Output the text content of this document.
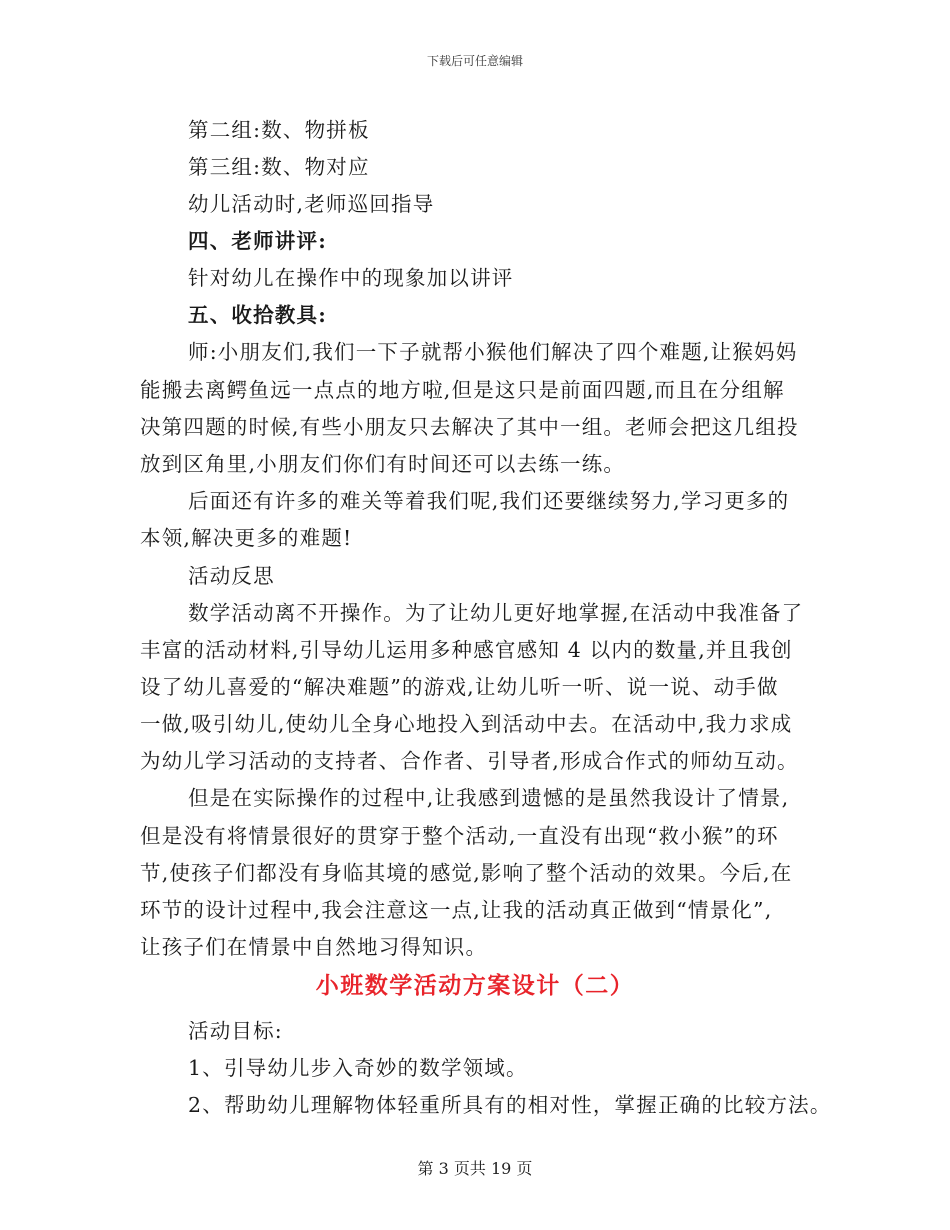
下载后可任意编辑
第二组:数、物拼板
第三组:数、物对应
幼儿活动时,老师巡回指导
四、老师讲评:
针对幼儿在操作中的现象加以讲评
五、收拾教具:
师:小朋友们,我们一下子就帮小猴他们解决了四个难题,让猴妈妈
能搬去离鳄鱼远一点点的地方啦,但是这只是前面四题,而且在分组解
决第四题的时候,有些小朋友只去解决了其中一组。老师会把这几组投
放到区角里,小朋友们你们有时间还可以去练一练。
后面还有许多的难关等着我们呢,我们还要继续努力,学习更多的
本领,解决更多的难题!
活动反思
数学活动离不开操作。为了让幼儿更好地掌握,在活动中我准备了
丰富的活动材料,引导幼儿运用多种感官感知 4 以内的数量,并且我创
设了幼儿喜爱的“解决难题”的游戏,让幼儿听一听、说一说、动手做
一做,吸引幼儿,使幼儿全身心地投入到活动中去。在活动中,我力求成
为幼儿学习活动的支持者、合作者、引导者,形成合作式的师幼互动。
但是在实际操作的过程中,让我感到遗憾的是虽然我设计了情景,
但是没有将情景很好的贯穿于整个活动,一直没有出现“救小猴”的环
节,使孩子们都没有身临其境的感觉,影响了整个活动的效果。今后,在
环节的设计过程中,我会注意这一点,让我的活动真正做到“情景化”,
让孩子们在情景中自然地习得知识。
小班数学活动方案设计（二）
活动目标:
1、引导幼儿步入奇妙的数学领域。
2、帮助幼儿理解物体轻重所具有的相对性，掌握正确的比较方法。
第 3 页共 19 页
